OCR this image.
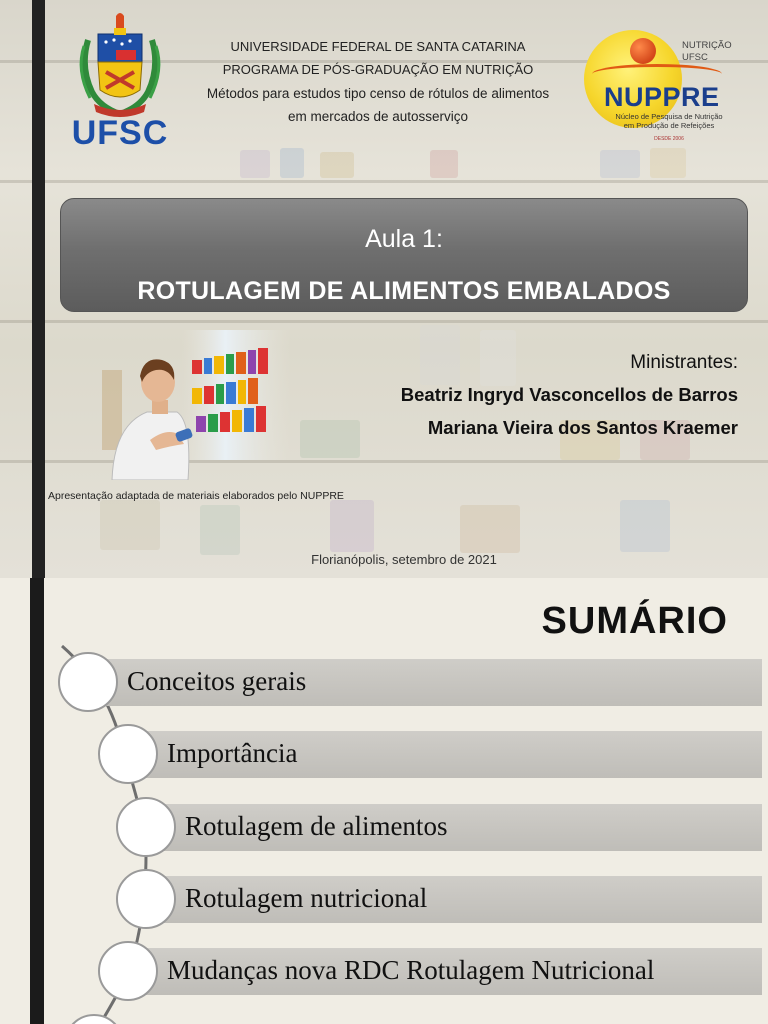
UFSC
UNIVERSIDADE FEDERAL DE SANTA CATARINA
PROGRAMA DE PÓS-GRADUAÇÃO EM NUTRIÇÃO
Métodos para estudos tipo censo de rótulos de alimentos
em mercados de autosserviço
NUTRIÇÃO
UFSC
NUPPRE
Núcleo de Pesquisa de Nutrição
em Produção de Refeições
DESDE 2006
Aula 1:
ROTULAGEM DE ALIMENTOS EMBALADOS
Ministrantes:
Beatriz Ingryd Vasconcellos de Barros
Mariana Vieira dos Santos Kraemer
Apresentação adaptada de materiais elaborados pelo NUPPRE
Florianópolis, setembro de 2021
SUMÁRIO
Conceitos gerais
Importância
Rotulagem de alimentos
Rotulagem nutricional
Mudanças nova RDC Rotulagem Nutricional
